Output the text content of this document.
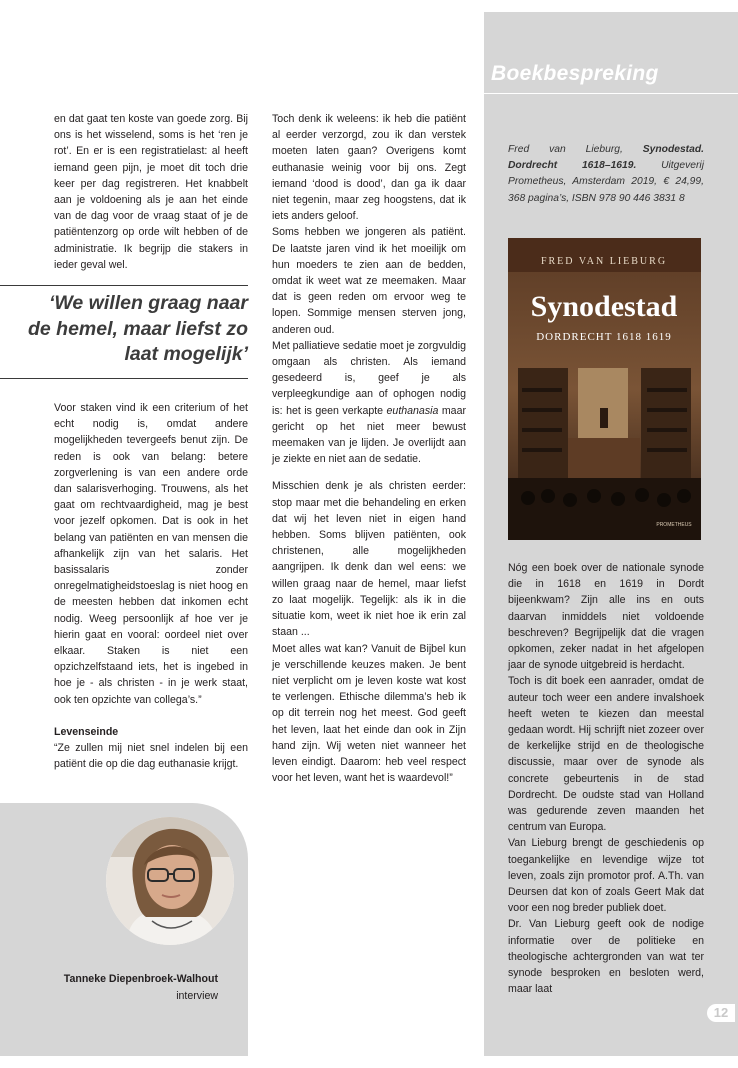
en dat gaat ten koste van goede zorg. Bij ons is het wisselend, soms is het ‘ren je rot’. En er is een registratielast: al heeft iemand geen pijn, je moet dit toch drie keer per dag registreren. Het knabbelt aan je voldoening als je aan het einde van de dag voor de vraag staat of je de patiëntenzorg op orde wilt hebben of de administratie. Ik begrijp die stakers in ieder geval wel.

‘We willen graag naar de hemel, maar liefst zo laat mogelijk’

Voor staken vind ik een criterium of het echt nodig is, omdat andere mogelijkheden tevergeefs benut zijn. De reden is ook van belang: betere zorgverlening is van een andere orde dan salarisverhoging. Trouwens, als het gaat om rechtvaardigheid, mag je best voor jezelf opkomen. Dat is ook in het belang van patiënten en van mensen die afhankelijk zijn van het salaris. Het basissalaris zonder onregelmatigheidstoeslag is niet hoog en de meesten hebben dat inkomen echt nodig. Weeg persoonlijk af hoe ver je hierin gaat en vooral: oordeel niet over elkaar. Staken is niet een opzichzelfstaand iets, het is ingebed in hoe je - als christen - in je werk staat, ook ten opzichte van collega’s.”

Levenseinde

“Ze zullen mij niet snel indelen bij een patiënt die op die dag euthanasie krijgt.

Toch denk ik weleens: ik heb die patiënt al eerder verzorgd, zou ik dan verstek moeten laten gaan? Overigens komt euthanasie weinig voor bij ons. Zegt iemand ‘dood is dood’, dan ga ik daar niet tegenin, maar zeg hoogstens, dat ik iets anders geloof.

Soms hebben we jongeren als patiënt. De laatste jaren vind ik het moeilijk om hun moeders te zien aan de bedden, omdat ik weet wat ze meemaken. Maar dat is geen reden om ervoor weg te lopen. Sommige mensen sterven jong, anderen oud.

Met palliatieve sedatie moet je zorgvuldig omgaan als christen. Als iemand gesedeerd is, geef je als verpleegkundige aan of ophogen nodig is: het is geen verkapte euthanasia maar gericht op het niet meer bewust meemaken van je lijden. Je overlijdt aan je ziekte en niet aan de sedatie.

Misschien denk je als christen eerder: stop maar met die behandeling en erken dat wij het leven niet in eigen hand hebben. Soms blijven patiënten, ook christenen, alle mogelijkheden aangrijpen. Ik denk dan wel eens: we willen graag naar de hemel, maar liefst zo laat mogelijk. Tegelijk: als ik in die situatie kom, weet ik niet hoe ik erin zal staan ...

Moet alles wat kan? Vanuit de Bijbel kun je verschillende keuzes maken. Je bent niet verplicht om je leven koste wat kost te verlengen. Ethische dilemma’s heb ik op dit terrein nog het meest. God geeft het leven, laat het einde dan ook in Zijn hand zijn. Wij weten niet wanneer het leven eindigt. Daarom: heb veel respect voor het leven, want het is waardevol!”

Tanneke Diepenbroek-Walhout
interview
Boekbespreking
Fred van Lieburg, Synodestad. Dordrecht 1618–1619. Uitgeverij Prometheus, Amsterdam 2019, € 24,99, 368 pagina’s, ISBN 978 90 446 3831 8
FRED VAN LIEBURG
Synodestad
DORDRECHT 1618 1619
PROMETHEUS

Nóg een boek over de nationale synode die in 1618 en 1619 in Dordt bijeenkwam? Zijn alle ins en outs daarvan inmiddels niet voldoende beschreven? Begrijpelijk dat die vragen opkomen, zeker nadat in het afgelopen jaar de synode uitgebreid is herdacht.

Toch is dit boek een aanrader, omdat de auteur toch weer een andere invalshoek heeft weten te kiezen dan meestal gedaan wordt. Hij schrijft niet zozeer over de kerkelijke strijd en de theologische discussie, maar over de synode als concrete gebeurtenis in de stad Dordrecht. De oudste stad van Holland was gedurende zeven maanden het centrum van Europa.

Van Lieburg brengt de geschiedenis op toegankelijke en levendige wijze tot leven, zoals zijn promotor prof. A.Th. van Deursen dat kon of zoals Geert Mak dat voor een nog breder publiek doet.

Dr. Van Lieburg geeft ook de nodige informatie over de politieke en theologische achtergronden van wat ter synode besproken en besloten werd, maar laat

12
